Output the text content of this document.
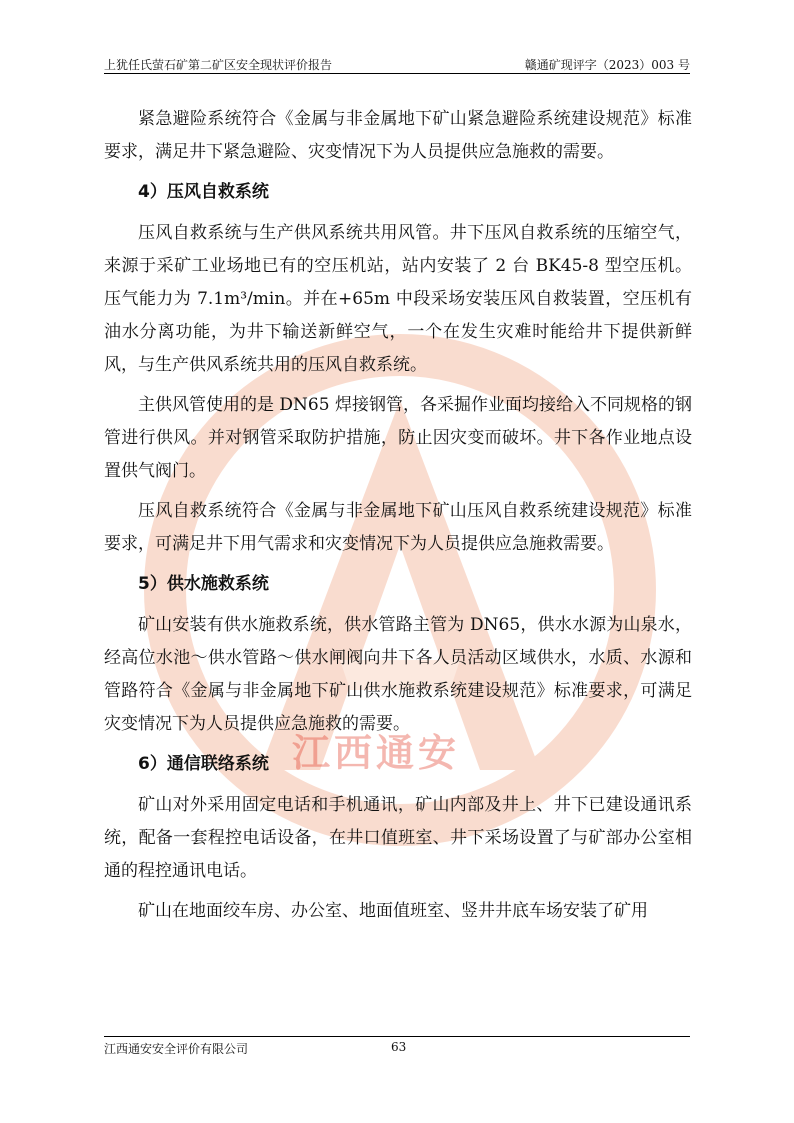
上犹任氏萤石矿第二矿区安全现状评价报告	赣通矿现评字（2023）003 号
江西通安

紧急避险系统符合《金属与非金属地下矿山紧急避险系统建设规范》标准要求，满足井下紧急避险、灾变情况下为人员提供应急施救的需要。

4）压风自救系统

压风自救系统与生产供风系统共用风管。井下压风自救系统的压缩空气，来源于采矿工业场地已有的空压机站，站内安装了 2 台 BK45-8 型空压机。压气能力为 7.1m³/min。并在+65m 中段采场安装压风自救装置，空压机有油水分离功能，为井下输送新鲜空气，一个在发生灾难时能给井下提供新鲜风，与生产供风系统共用的压风自救系统。

主供风管使用的是 DN65 焊接钢管，各采掘作业面均接给入不同规格的钢管进行供风。并对钢管采取防护措施，防止因灾变而破坏。井下各作业地点设置供气阀门。

压风自救系统符合《金属与非金属地下矿山压风自救系统建设规范》标准要求，可满足井下用气需求和灾变情况下为人员提供应急施救需要。

5）供水施救系统

矿山安装有供水施救系统，供水管路主管为 DN65，供水水源为山泉水，经高位水池～供水管路～供水闸阀向井下各人员活动区域供水，水质、水源和管路符合《金属与非金属地下矿山供水施救系统建设规范》标准要求，可满足灾变情况下为人员提供应急施救的需要。

6）通信联络系统

矿山对外采用固定电话和手机通讯，矿山内部及井上、井下已建设通讯系统，配备一套程控电话设备，在井口值班室、井下采场设置了与矿部办公室相通的程控通讯电话。

矿山在地面绞车房、办公室、地面值班室、竖井井底车场安装了矿用

江西通安安全评价有限公司	63
